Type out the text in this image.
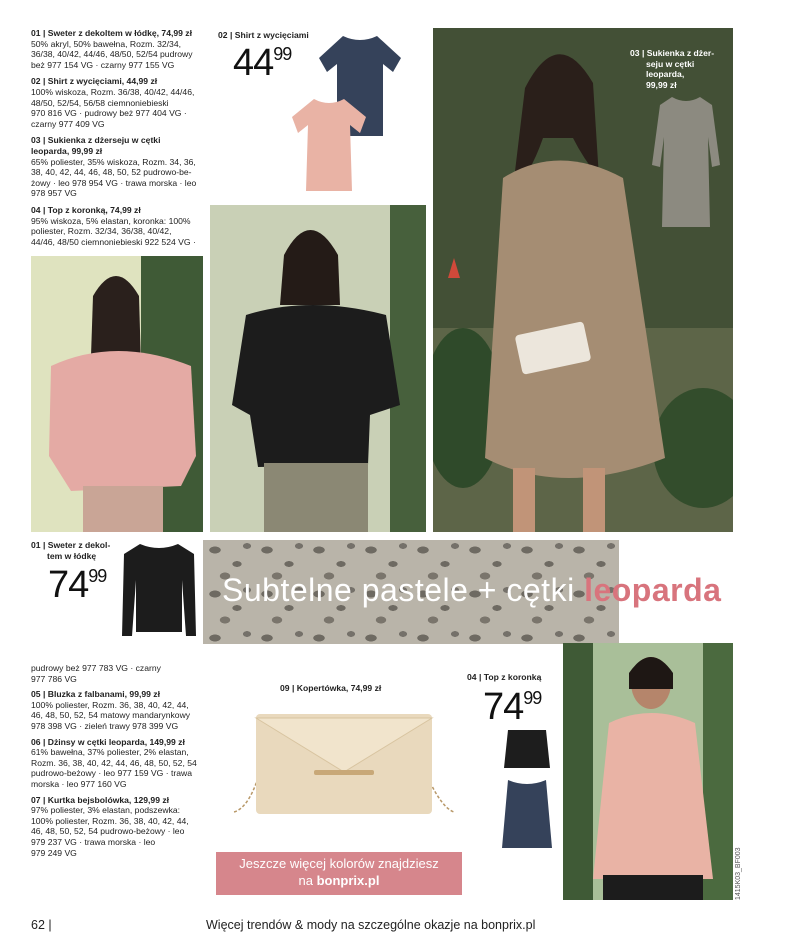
01 | Sweter z dekoltem w łódkę, 74,99 zł
50% akryl, 50% bawełna, Rozm. 32/34,
36/38, 40/42, 44/46, 48/50, 52/54 pudrowy
beż 977 154 VG · czarny 977 155 VG
02 | Shirt z wycięciami, 44,99 zł
100% wiskoza, Rozm. 36/38, 40/42, 44/46,
48/50, 52/54, 56/58 ciemnoniebieski
970 816 VG · pudrowy beż 977 404 VG ·
czarny 977 409 VG
03 | Sukienka z dżerseju w cętki
leoparda, 99,99 zł
65% poliester, 35% wiskoza, Rozm. 34, 36,
38, 40, 42, 44, 46, 48, 50, 52 pudrowo-be-
żowy · leo 978 954 VG · trawa morska · leo
978 957 VG
04 | Top z koronką, 74,99 zł
95% wiskoza, 5% elastan, koronka: 100%
poliester, Rozm. 32/34, 36/38, 40/42,
44/46, 48/50 ciemnoniebieski 922 524 VG ·
02 | Shirt z wycięciami
4499	03 | Sukienka z dżer-
seju w cętki
leoparda,
99,99 zł
01 | Sweter z dekol-
tem w łódkę
7499	Subtelne pastele + cętki leoparda
pudrowy beż 977 783 VG · czarny
977 786 VG
05 | Bluzka z falbanami, 99,99 zł
100% poliester, Rozm. 36, 38, 40, 42, 44,
46, 48, 50, 52, 54 matowy mandarynkowy
978 398 VG · zieleń trawy 978 399 VG
06 | Dżinsy w cętki leoparda, 149,99 zł
61% bawełna, 37% poliester, 2% elastan,
Rozm. 36, 38, 40, 42, 44, 46, 48, 50, 52, 54
pudrowo-beżowy · leo 977 159 VG · trawa
morska · leo 977 160 VG
07 | Kurtka bejsbolówka, 129,99 zł
97% poliester, 3% elastan, podszewka:
100% poliester, Rozm. 36, 38, 40, 42, 44,
46, 48, 50, 52, 54 pudrowo-beżowy · leo
979 237 VG · trawa morska · leo
979 249 VG
09 | Kopertówka, 74,99 zł
Jeszcze więcej kolorów znajdziesz
na bonprix.pl
04 | Top z koronką
7499
1415K03_BF003
62 |	Więcej trendów & mody na szczególne okazje na bonprix.pl
